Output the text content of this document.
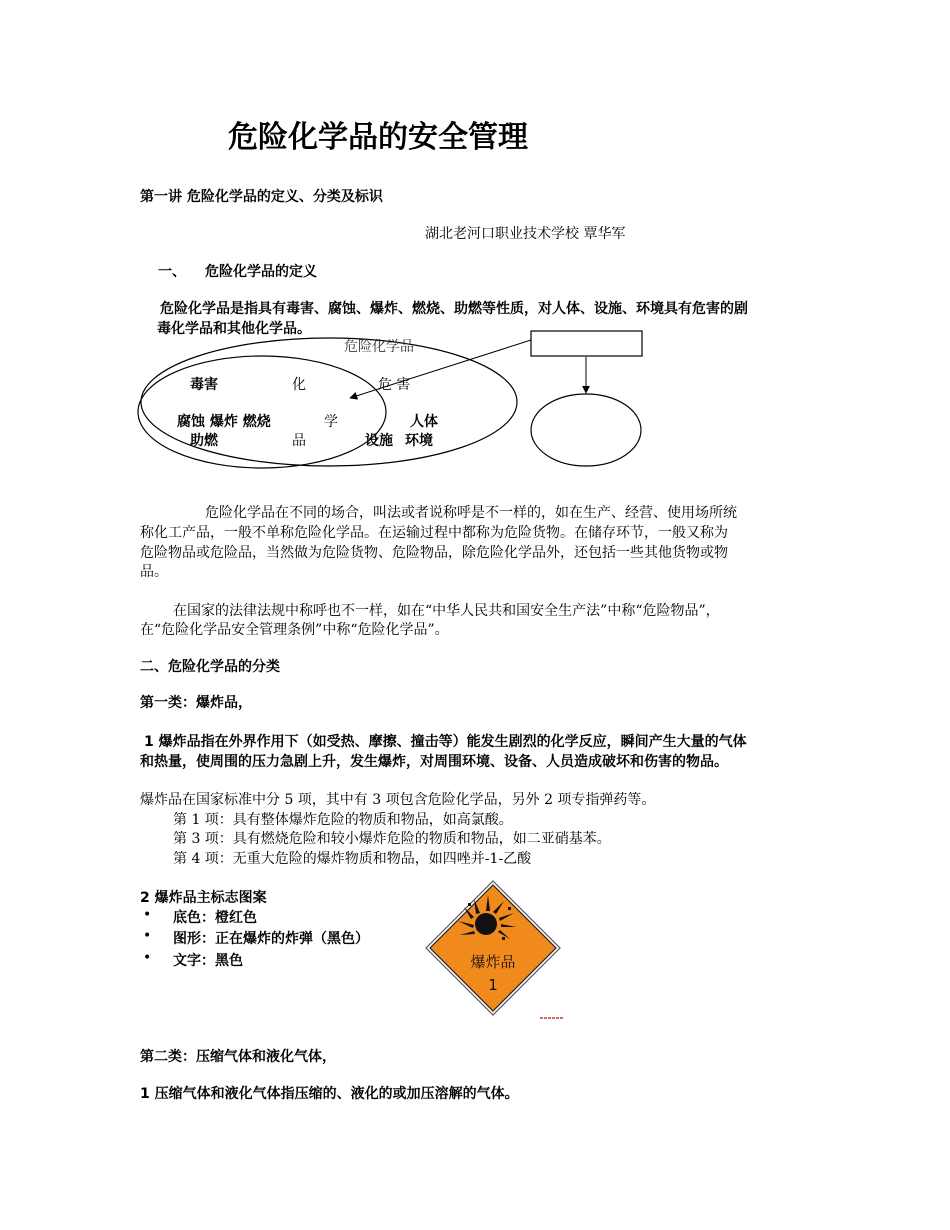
危险化学品的安全管理
第一讲 危险化学品的定义、分类及标识
湖北老河口职业技术学校 覃华军
一、 危险化学品的定义
危险化学品是指具有毒害、腐蚀、爆炸、燃烧、助燃等性质，对人体、设施、环境具有危害的剧
毒化学品和其他化学品。
危险化学品
毒害	化	危 害
腐蚀 爆炸 燃烧	学	人体
助燃	品	设施 环境
危险化学品在不同的场合，叫法或者说称呼是不一样的，如在生产、经营、使用场所统
称化工产品，一般不单称危险化学品。在运输过程中都称为危险货物。在储存环节，一般又称为
危险物品或危险品，当然做为危险货物、危险物品，除危险化学品外，还包括一些其他货物或物
品。
在国家的法律法规中称呼也不一样，如在“中华人民共和国安全生产法”中称“危险物品”，
在“危险化学品安全管理条例”中称“危险化学品”。
二、危险化学品的分类
第一类：爆炸品，
1 爆炸品指在外界作用下（如受热、摩擦、撞击等）能发生剧烈的化学反应，瞬间产生大量的气体
和热量，使周围的压力急剧上升，发生爆炸，对周围环境、设备、人员造成破坏和伤害的物品。
爆炸品在国家标准中分 5 项，其中有 3 项包含危险化学品，另外 2 项专指弹药等。
第 1 项：具有整体爆炸危险的物质和物品，如高氯酸。
第 3 项：具有燃烧危险和较小爆炸危险的物质和物品，如二亚硝基苯。
第 4 项：无重大危险的爆炸物质和物品，如四唑并-1-乙酸
2 爆炸品主标志图案
• 底色：橙红色
• 图形：正在爆炸的炸弹（黑色）
• 文字：黑色	爆炸品
1
第二类：压缩气体和液化气体，
1 压缩气体和液化气体指压缩的、液化的或加压溶解的气体。
